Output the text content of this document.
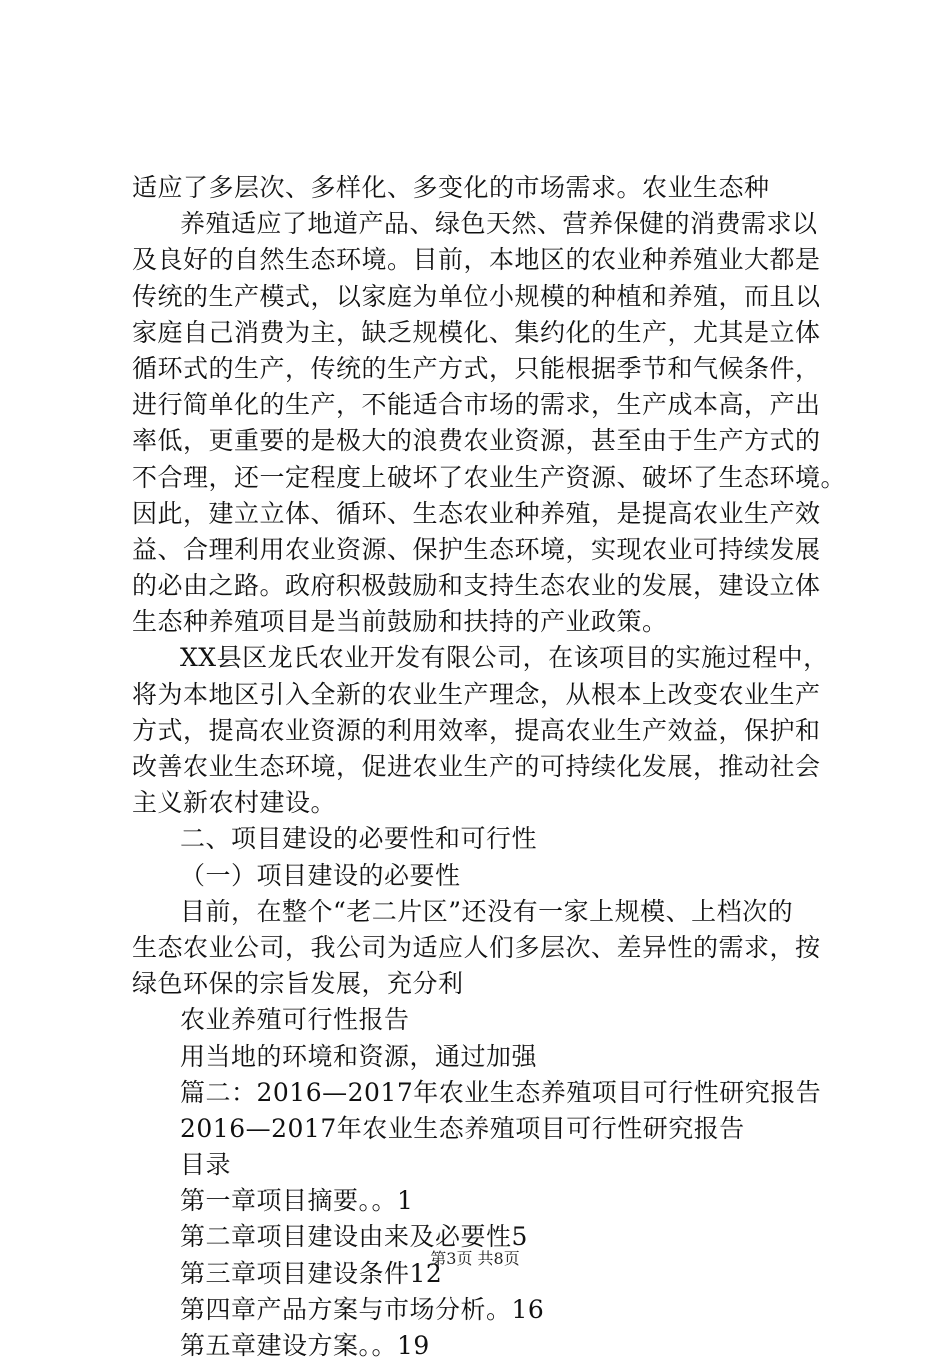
适应了多层次、多样化、多变化的市场需求。农业生态种
养殖适应了地道产品、绿色天然、营养保健的消费需求以
及良好的自然生态环境。目前，本地区的农业种养殖业大都是
传统的生产模式，以家庭为单位小规模的种植和养殖，而且以
家庭自己消费为主，缺乏规模化、集约化的生产，尤其是立体
循环式的生产，传统的生产方式，只能根据季节和气候条件，
进行简单化的生产，不能适合市场的需求，生产成本高，产出
率低，更重要的是极大的浪费农业资源，甚至由于生产方式的
不合理，还一定程度上破坏了农业生产资源、破坏了生态环境。
因此，建立立体、循环、生态农业种养殖，是提高农业生产效
益、合理利用农业资源、保护生态环境，实现农业可持续发展
的必由之路。政府积极鼓励和支持生态农业的发展，建设立体
生态种养殖项目是当前鼓励和扶持的产业政策。
XX县区龙氏农业开发有限公司，在该项目的实施过程中，
将为本地区引入全新的农业生产理念，从根本上改变农业生产
方式，提高农业资源的利用效率，提高农业生产效益，保护和
改善农业生态环境，促进农业生产的可持续化发展，推动社会
主义新农村建设。
二、项目建设的必要性和可行性
（一）项目建设的必要性
目前，在整个“老二片区”还没有一家上规模、上档次的
生态农业公司，我公司为适应人们多层次、差异性的需求，按
绿色环保的宗旨发展，充分利
农业养殖可行性报告
用当地的环境和资源，通过加强
篇二：2016—2017年农业生态养殖项目可行性研究报告
2016—2017年农业生态养殖项目可行性研究报告
目录
第一章项目摘要。。1
第二章项目建设由来及必要性5
第三章项目建设条件12
第四章产品方案与市场分析。16
第五章建设方案。。19
第3页 共8页
